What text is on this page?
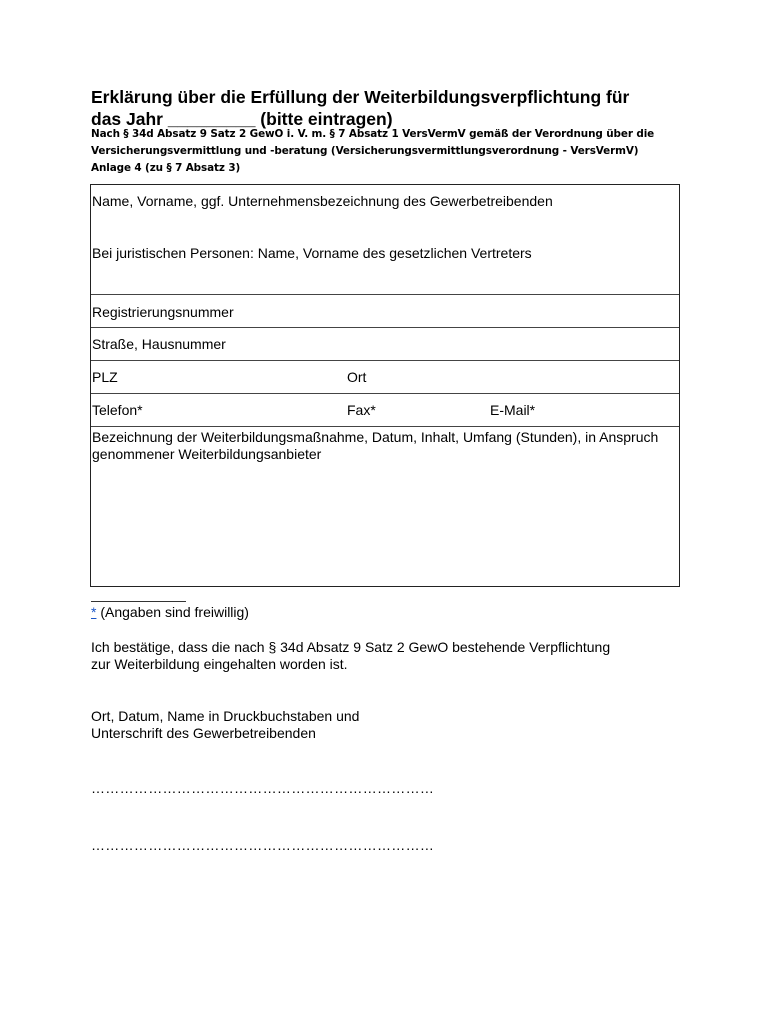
Erklärung über die Erfüllung der Weiterbildungsverpflichtung für
das Jahr _________ (bitte eintragen)
Nach § 34d Absatz 9 Satz 2 GewO i. V. m. § 7 Absatz 1 VersVermV gemäß der Verordnung über die
Versicherungsvermittlung und -beratung (Versicherungsvermittlungsverordnung - VersVermV)
Anlage 4 (zu § 7 Absatz 3)
Name, Vorname, ggf. Unternehmensbezeichnung des Gewerbetreibenden
Bei juristischen Personen: Name, Vorname des gesetzlichen Vertreters
Registrierungsnummer
Straße, Hausnummer
PLZ	Ort
Telefon*	Fax*	E-Mail*
Bezeichnung der Weiterbildungsmaßnahme, Datum, Inhalt, Umfang (Stunden), in Anspruch genommener Weiterbildungsanbieter
* (Angaben sind freiwillig)
Ich bestätige, dass die nach § 34d Absatz 9 Satz 2 GewO bestehende Verpflichtung
zur Weiterbildung eingehalten worden ist.
Ort, Datum, Name in Druckbuchstaben und
Unterschrift des Gewerbetreibenden
………………………………………………………………
………………………………………………………………
